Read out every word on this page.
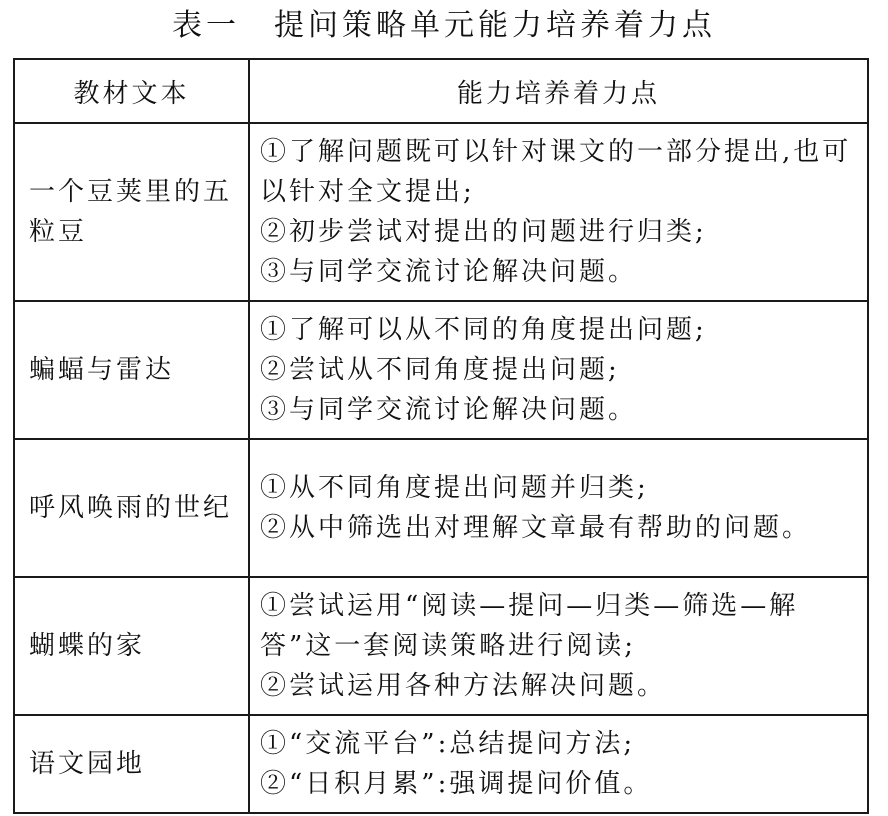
表一　提问策略单元能力培养着力点
教材文本	能力培养着力点
一个豆荚里的五粒豆	①了解问题既可以针对课文的一部分提出,也可以针对全文提出;
②初步尝试对提出的问题进行归类;
③与同学交流讨论解决问题。

蝙蝠与雷达	①了解可以从不同的角度提出问题;
②尝试从不同角度提出问题;
③与同学交流讨论解决问题。

呼风唤雨的世纪	①从不同角度提出问题并归类;
②从中筛选出对理解文章最有帮助的问题。

蝴蝶的家	①尝试运用“阅读—提问—归类—筛选—解答”这一套阅读策略进行阅读;
②尝试运用各种方法解决问题。

语文园地	①“交流平台”:总结提问方法;
②“日积月累”:强调提问价值。
